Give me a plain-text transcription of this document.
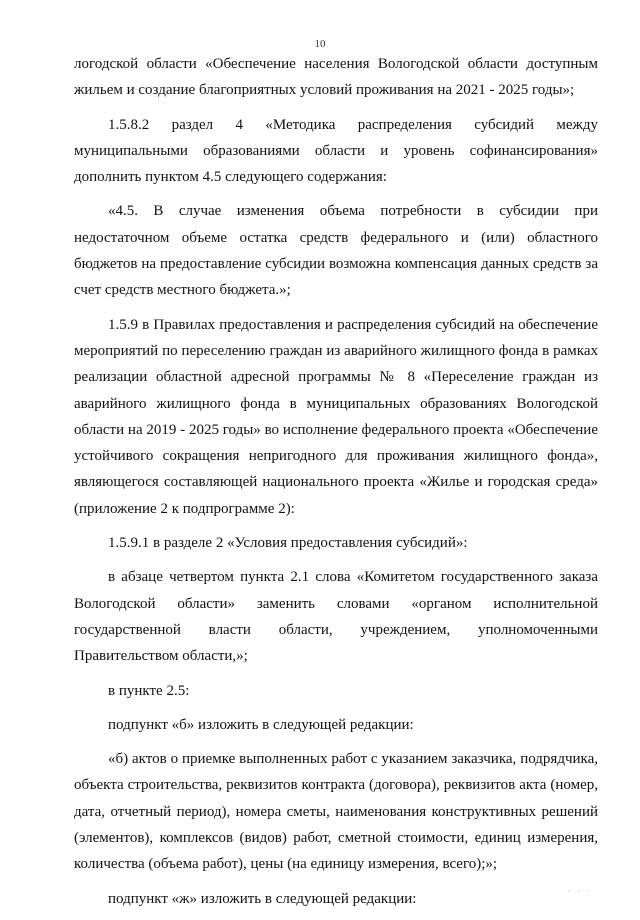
10

логодской области «Обеспечение населения Вологодской области доступным жильем и создание благоприятных условий проживания на 2021 - 2025 годы»;

1.5.8.2 раздел 4 «Методика распределения субсидий между муниципальными образованиями области и уровень софинансирования» дополнить пунктом 4.5 следующего содержания:

«4.5. В случае изменения объема потребности в субсидии при недостаточном объеме остатка средств федерального и (или) областного бюджетов на предоставление субсидии возможна компенсация данных средств за счет средств местного бюджета.»;

1.5.9 в Правилах предоставления и распределения субсидий на обеспечение мероприятий по переселению граждан из аварийного жилищного фонда в рамках реализации областной адресной программы № 8 «Переселение граждан из аварийного жилищного фонда в муниципальных образованиях Вологодской области на 2019 - 2025 годы» во исполнение федерального проекта «Обеспечение устойчивого сокращения непригодного для проживания жилищного фонда», являющегося составляющей национального проекта «Жилье и городская среда» (приложение 2 к подпрограмме 2):

1.5.9.1 в разделе 2 «Условия предоставления субсидий»:

в абзаце четвертом пункта 2.1 слова «Комитетом государственного заказа Вологодской области» заменить словами «органом исполнительной государственной власти области, учреждением, уполномоченными Правительством области,»;

в пункте 2.5:

подпункт «б» изложить в следующей редакции:

«б) актов о приемке выполненных работ с указанием заказчика, подрядчика, объекта строительства, реквизитов контракта (договора), реквизитов акта (номер, дата, отчетный период), номера сметы, наименования конструктивных решений (элементов), комплексов (видов) работ, сметной стоимости, единиц измерения, количества (объема работ), цены (на единицу измерения, всего);»;

подпункт «ж» изложить в следующей редакции:	· · ·
